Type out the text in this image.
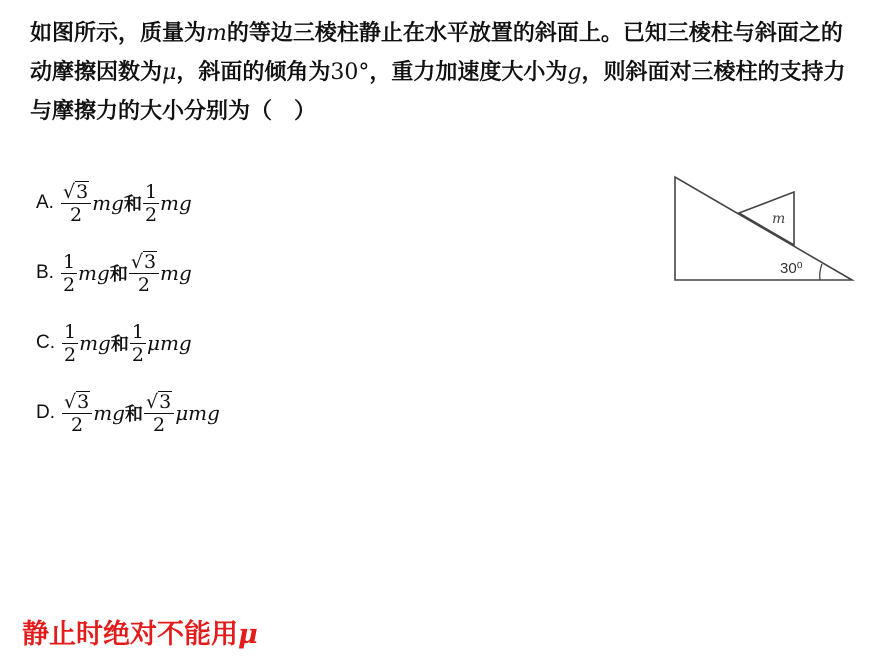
如图所示，质量为m的等边三棱柱静止在水平放置的斜面上。已知三棱柱与斜面之的动摩擦因数为μ，斜面的倾角为30°，重力加速度大小为g，则斜面对三棱柱的支持力与摩擦力的大小分别为（　）
A. $\frac{√ 3}{2}$ mg 和 $\frac{1}{2}$ mg
B. $\frac{1}{2}$ mg 和 $\frac{√ 3}{2}$ mg
C. $\frac{1}{2}$ mg 和 $\frac{1}{2}$ μmg
D. $\frac{√ 3}{2}$ mg 和 $\frac{√ 3}{2}$ μmg
m
30⁰
静止时绝对不能用μ
